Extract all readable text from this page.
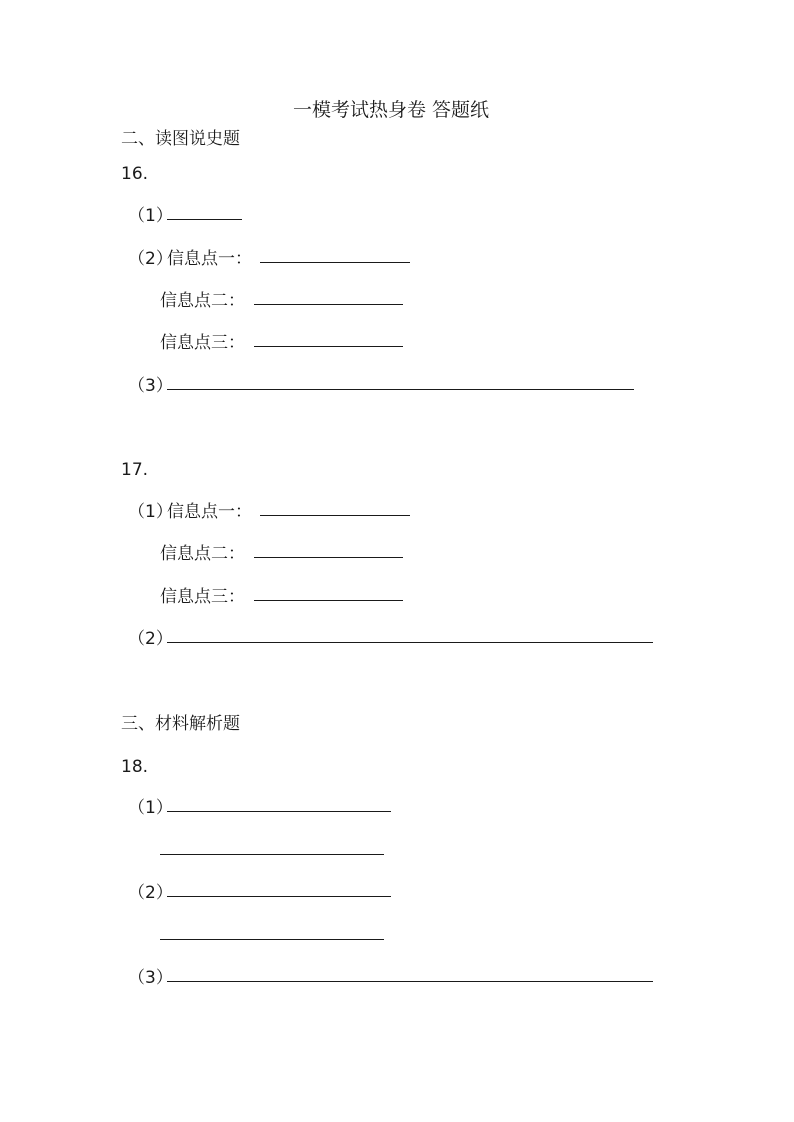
一模考试热身卷 答题纸
二、读图说史题
16.
（1）
（2）
信息点一：
信息点二：
信息点三：
（3）
17.
（1）
信息点一：
信息点二：
信息点三：
（2）
三、材料解析题
18.
（1）
（2）
（3）
